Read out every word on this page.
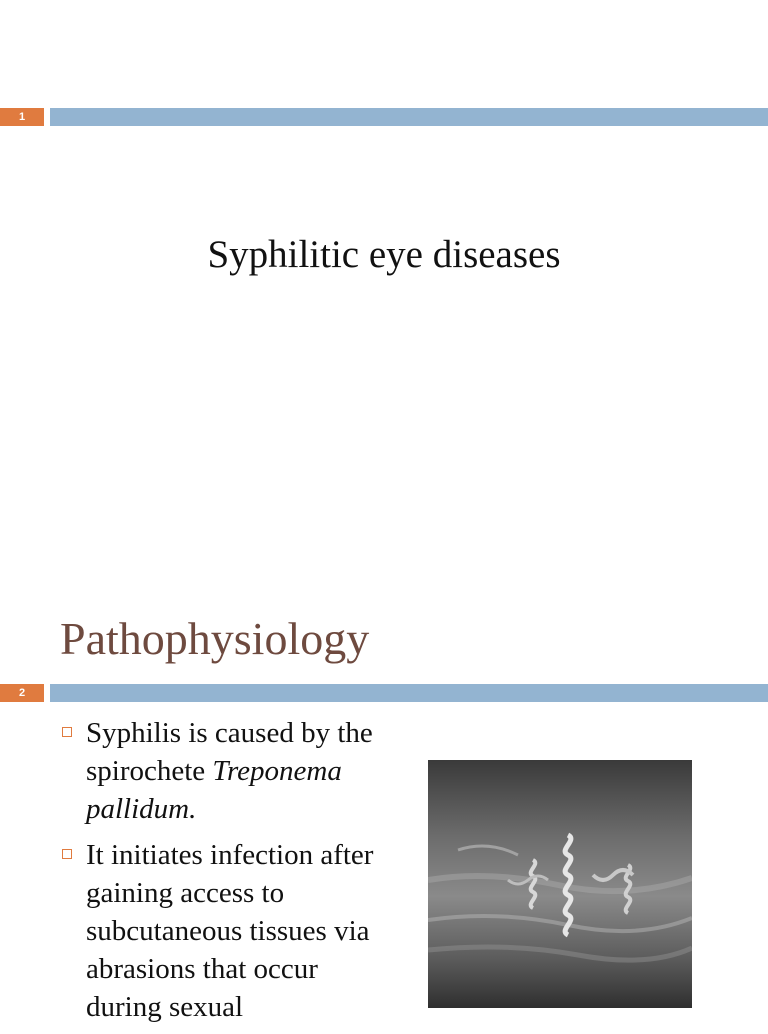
1
Syphilitic eye diseases
Pathophysiology
2
Syphilis is caused by the spirochete Treponema pallidum.
It initiates infection after gaining access to subcutaneous tissues via abrasions that occur during sexual
